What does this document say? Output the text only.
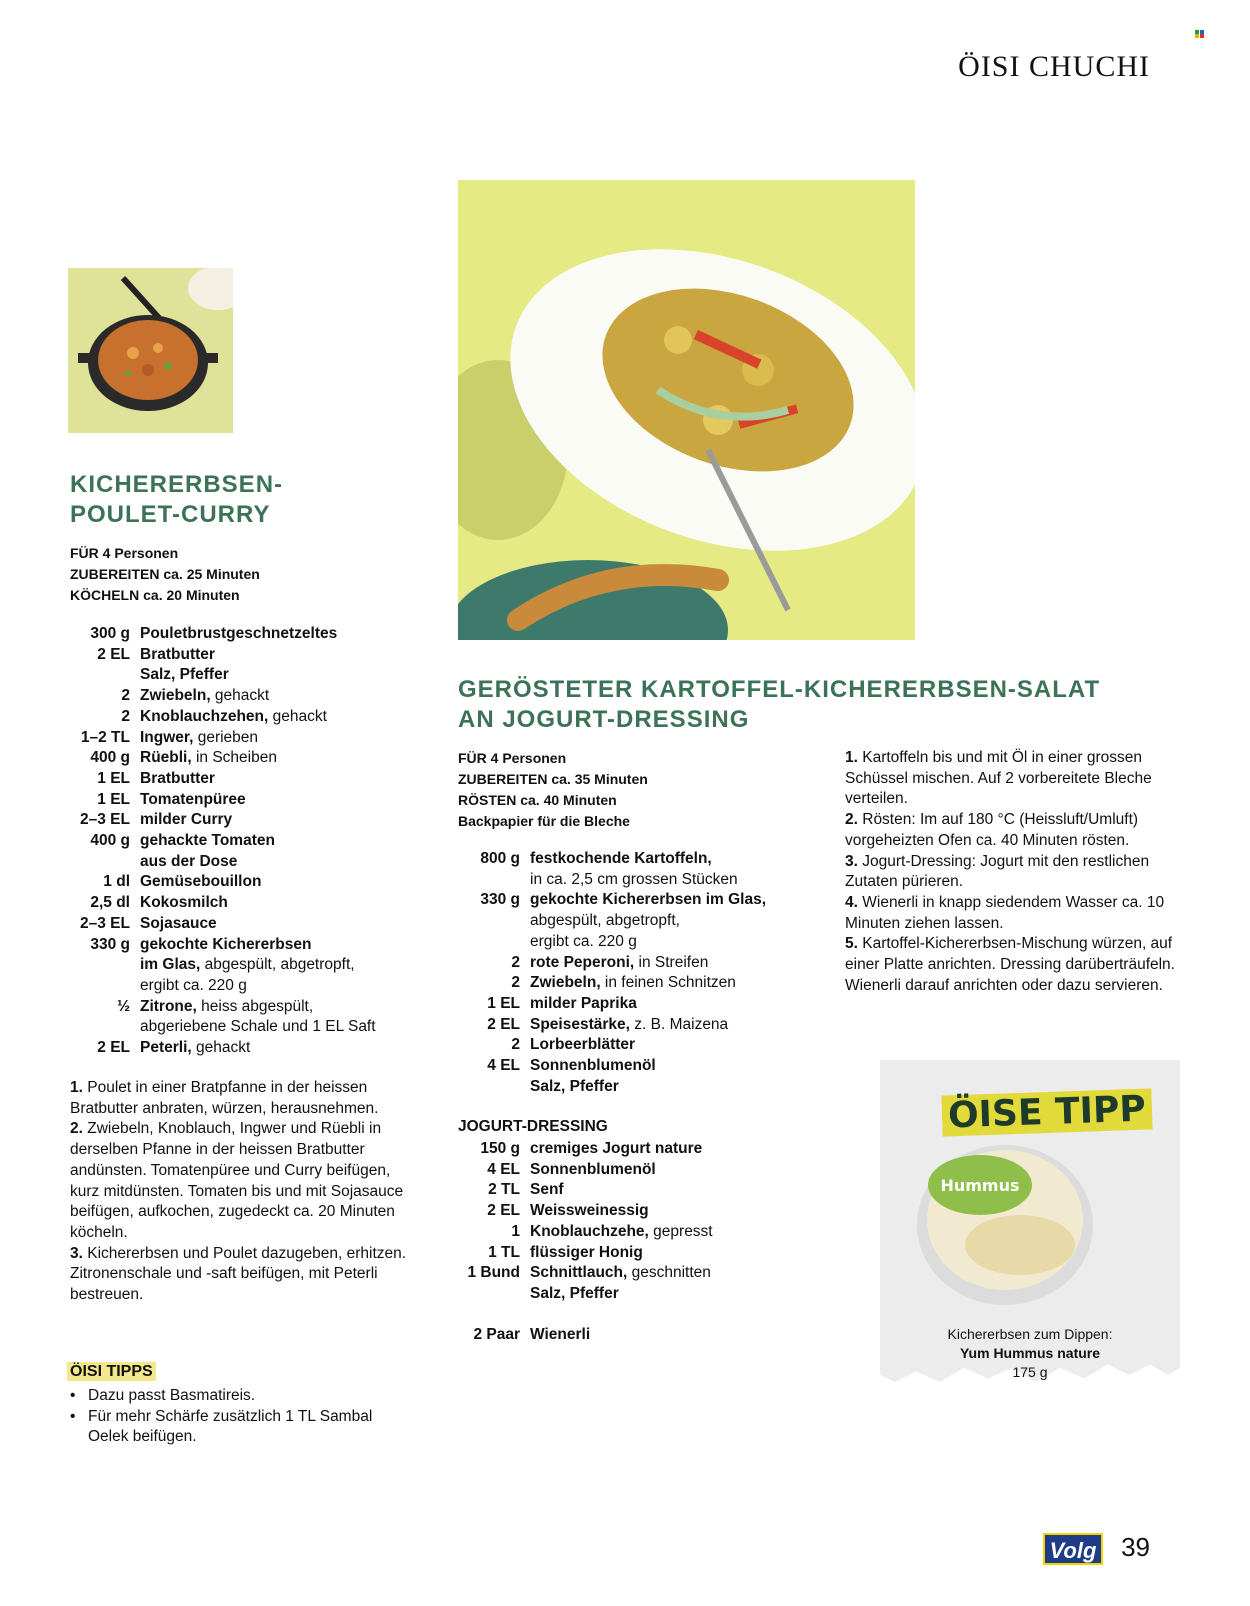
ÖISI CHUCHI
KICHERERBSEN-
POULET-CURRY
FÜR 4 Personen
ZUBEREITEN ca. 25 Minuten
KÖCHELN ca. 20 Minuten
300 g Pouletbrustgeschnetzeltes
2 EL Bratbutter
Salz, Pfeffer
2 Zwiebeln, gehackt
2 Knoblauchzehen, gehackt
1–2 TL Ingwer, gerieben
400 g Rüebli, in Scheiben
1 EL Bratbutter
1 EL Tomatenpüree
2–3 EL milder Curry
400 g gehackte Tomaten
aus der Dose
1 dl Gemüsebouillon
2,5 dl Kokosmilch
2–3 EL Sojasauce
330 g gekochte Kichererbsen
im Glas, abgespült, abgetropft,
ergibt ca. 220 g
½ Zitrone, heiss abgespült,
abgeriebene Schale und 1 EL Saft
2 EL Peterli, gehackt
1. Poulet in einer Bratpfanne in der heissen Bratbutter anbraten, würzen, herausnehmen.
2. Zwiebeln, Knoblauch, Ingwer und Rüebli in derselben Pfanne in der heissen Bratbutter andünsten. Tomatenpüree und Curry beifügen, kurz mitdünsten. Tomaten bis und mit Sojasauce beifügen, aufkochen, zugedeckt ca. 20 Minuten köcheln.
3. Kichererbsen und Poulet dazugeben, erhitzen. Zitronenschale und -saft beifügen, mit Peterli bestreuen.
ÖISI TIPPS
• Dazu passt Basmatireis.
• Für mehr Schärfe zusätzlich 1 TL Sambal Oelek beifügen.
GERÖSTETER KARTOFFEL-KICHERERBSEN-SALAT
AN JOGURT-DRESSING
FÜR 4 Personen
ZUBEREITEN ca. 35 Minuten
RÖSTEN ca. 40 Minuten
Backpapier für die Bleche
800 g festkochende Kartoffeln,
in ca. 2,5 cm grossen Stücken
330 g gekochte Kichererbsen im Glas,
abgespült, abgetropft,
ergibt ca. 220 g
2 rote Peperoni, in Streifen
2 Zwiebeln, in feinen Schnitzen
1 EL milder Paprika
2 EL Speisestärke, z. B. Maizena
2 Lorbeerblätter
4 EL Sonnenblumenöl
Salz, Pfeffer
JOGURT-DRESSING
150 g cremiges Jogurt nature
4 EL Sonnenblumenöl
2 TL Senf
2 EL Weissweinessig
1 Knoblauchzehe, gepresst
1 TL flüssiger Honig
1 Bund Schnittlauch, geschnitten
Salz, Pfeffer
2 Paar Wienerli
1. Kartoffeln bis und mit Öl in einer grossen Schüssel mischen. Auf 2 vorbereitete Bleche verteilen.
2. Rösten: Im auf 180 °C (Heissluft/Umluft) vorgeheizten Ofen ca. 40 Minuten rösten.
3. Jogurt-Dressing: Jogurt mit den restlichen Zutaten pürieren.
4. Wienerli in knapp siedendem Wasser ca. 10 Minuten ziehen lassen.
5. Kartoffel-Kichererbsen-Mischung würzen, auf einer Platte anrichten. Dressing darüberträufeln. Wienerli darauf anrichten oder dazu servieren.
Hummus
ÖISE TIPP
Kichererbsen zum Dippen:
Yum Hummus nature
175 g
Volg 39
